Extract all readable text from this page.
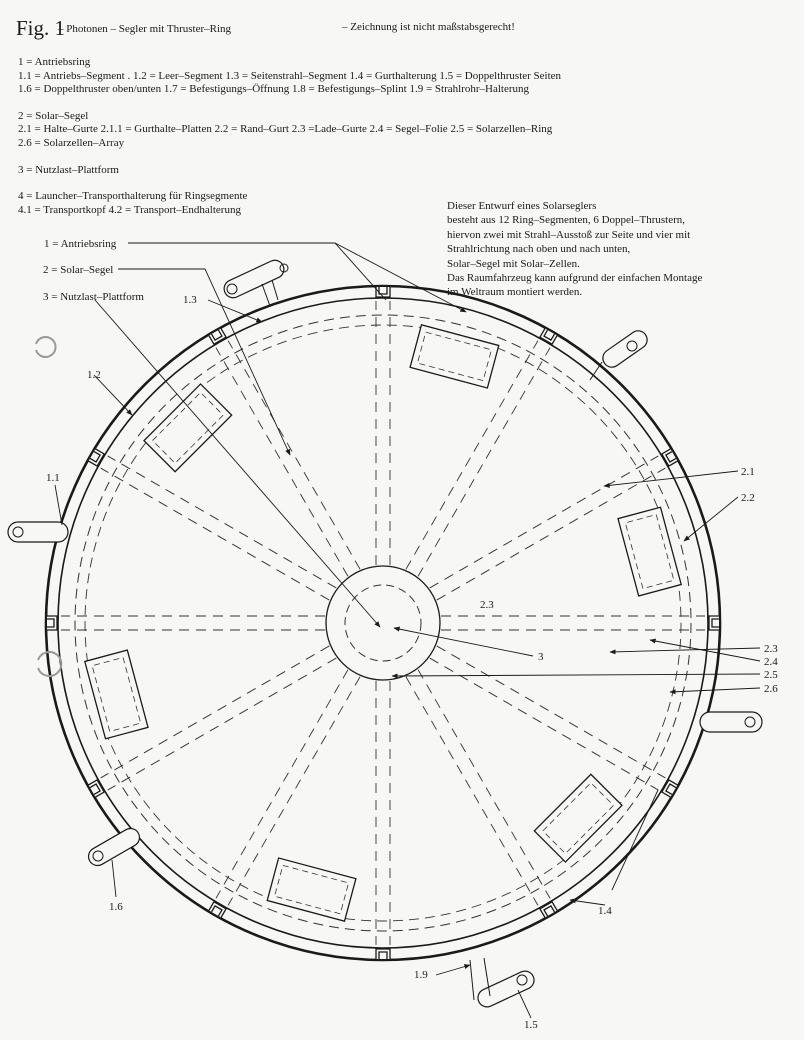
Fig. 1
– Photonen – Segler mit Thruster–Ring	– Zeichnung ist nicht maßstabsgerecht!
1 = Antriebsring
1.1 = Antriebs–Segment . 1.2 = Leer–Segment 1.3 = Seitenstrahl–Segment 1.4 = Gurthalterung 1.5 = Doppelthruster Seiten
1.6 = Doppelthruster oben/unten 1.7 = Befestigungs–Öffnung 1.8 = Befestigungs–Splint 1.9 = Strahlrohr–Halterung
2 = Solar–Segel
2.1 = Halte–Gurte 2.1.1 = Gurthalte–Platten 2.2 = Rand–Gurt 2.3 =Lade–Gurte 2.4 = Segel–Folie 2.5 = Solarzellen–Ring
2.6 = Solarzellen–Array
3 = Nutzlast–Plattform
4 = Launcher–Transporthalterung für Ringsegmente
4.1 = Transportkopf 4.2 = Transport–Endhalterung	Dieser Entwurf eines Solarseglers
besteht aus 12 Ring–Segmenten, 6 Doppel–Thrustern,
hiervon zwei mit Strahl–Ausstoß zur Seite und vier mit
Strahlrichtung nach oben und nach unten,
Solar–Segel mit Solar–Zellen.
Das Raumfahrzeug kann aufgrund der einfachen Montage
im Weltraum montiert werden.
1 = Antriebsring
2 = Solar–Segel
3 = Nutzlast–Plattform	1.3
1.2
1.1	2.1
2.2
2.3
2.3
2.4
2.5
2.6
3
1.6	1.4
1.9
1.5
